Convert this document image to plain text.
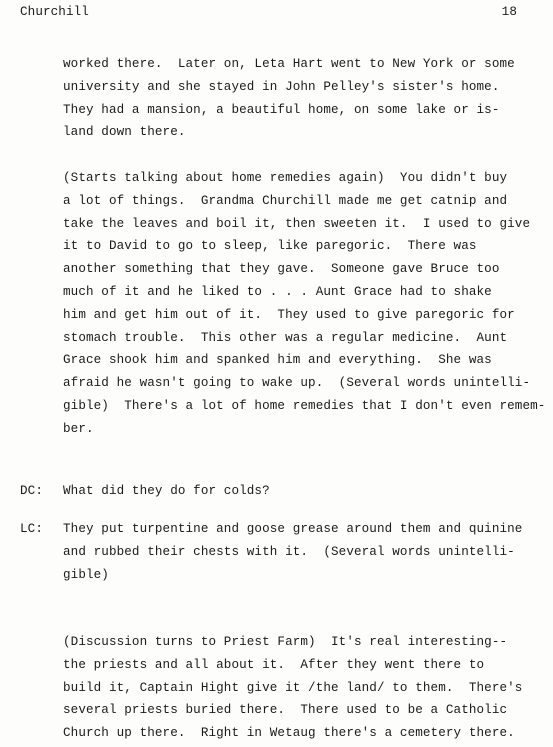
Churchill	18
worked there.  Later on, Leta Hart went to New York or some
university and she stayed in John Pelley's sister's home.
They had a mansion, a beautiful home, on some lake or is-
land down there.
(Starts talking about home remedies again)  You didn't buy
a lot of things.  Grandma Churchill made me get catnip and
take the leaves and boil it, then sweeten it.  I used to give
it to David to go to sleep, like paregoric.  There was
another something that they gave.  Someone gave Bruce too
much of it and he liked to . . . Aunt Grace had to shake
him and get him out of it.  They used to give paregoric for
stomach trouble.  This other was a regular medicine.  Aunt
Grace shook him and spanked him and everything.  She was
afraid he wasn't going to wake up.  (Several words unintelli-
gible)  There's a lot of home remedies that I don't even remem-
ber.
DC: What did they do for colds?
LC: They put turpentine and goose grease around them and quinine
and rubbed their chests with it.  (Several words unintelli-
gible)
(Discussion turns to Priest Farm)  It's real interesting--
the priests and all about it.  After they went there to
build it, Captain Hight give it /the land/ to them.  There's
several priests buried there.  There used to be a Catholic
Church up there.  Right in Wetaug there's a cemetery there.
